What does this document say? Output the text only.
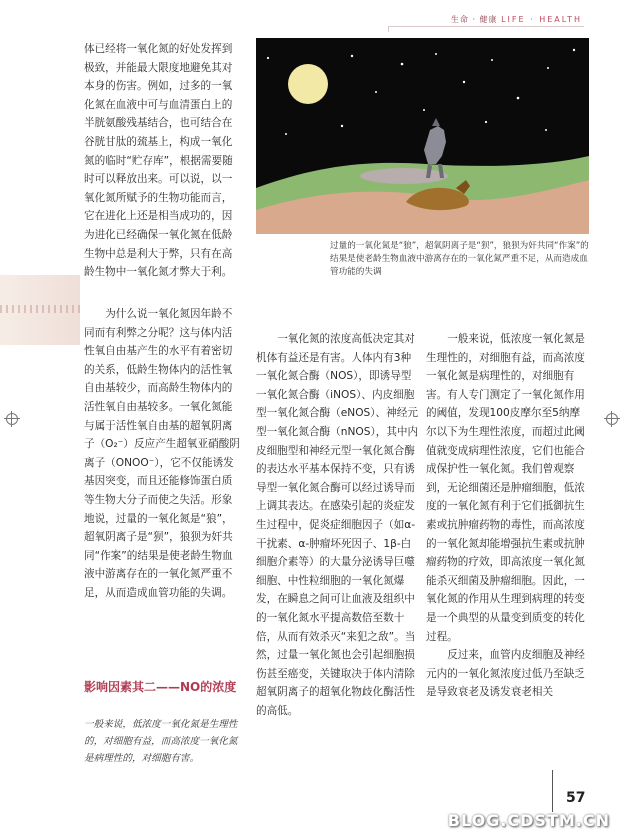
生命 · 健康 LIFE · HEALTH

体已经将一氧化氮的好处发挥到极致，并能最大限度地避免其对本身的伤害。例如，过多的一氧化氮在血液中可与血清蛋白上的半胱氨酸残基结合，也可结合在谷胱甘肽的巯基上，构成一氧化氮的临时“贮存库”，根据需要随时可以释放出来。可以说，以一氧化氮所赋予的生物功能而言，它在进化上还是相当成功的，因为进化已经确保一氧化氮在低龄生物中总是利大于弊，只有在高龄生物中一氧化氮才弊大于利。

为什么说一氧化氮因年龄不同而有利弊之分呢？这与体内活性氧自由基产生的水平有着密切的关系，低龄生物体内的活性氧自由基较少，而高龄生物体内的活性氧自由基较多。一氧化氮能与属于活性氧自由基的超氧阴离子（O₂⁻）反应产生超氧亚硝酸阴离子（ONOO⁻），它不仅能诱发基因突变，而且还能修饰蛋白质等生物大分子而使之失活。形象地说，过量的一氧化氮是“狼”，超氧阴离子是“狈”，狼狈为奸共同“作案”的结果是使老龄生物血液中游离存在的一氧化氮严重不足，从而造成血管功能的失调。

过量的一氧化氮是“狼”，超氧阴离子是“狈”，狼狈为奸共同“作案”的结果是使老龄生物血液中游离存在的一氧化氮严重不足，从而造成血管功能的失调

一氧化氮的浓度高低决定其对机体有益还是有害。人体内有3种一氧化氮合酶（NOS），即诱导型一氧化氮合酶（iNOS）、内皮细胞型一氧化氮合酶（eNOS）、神经元型一氧化氮合酶（nNOS），其中内皮细胞型和神经元型一氧化氮合酶的表达水平基本保持不变，只有诱导型一氧化氮合酶可以经过诱导而上调其表达。在感染引起的炎症发生过程中，促炎症细胞因子（如α-干扰素、α-肿瘤坏死因子、1β-白细胞介素等）的大量分泌诱导巨噬细胞、中性粒细胞的一氧化氮爆发，在瞬息之间可让血液及组织中的一氧化氮水平提高数倍至数十倍，从而有效杀灭“来犯之敌”。当然，过量一氧化氮也会引起细胞损伤甚至癌变，关键取决于体内清除超氧阴离子的超氧化物歧化酶活性的高低。

一般来说，低浓度一氧化氮是生理性的，对细胞有益，而高浓度一氧化氮是病理性的，对细胞有害。有人专门测定了一氧化氮作用的阈值，发现100皮摩尔至5纳摩尔以下为生理性浓度，而超过此阈值就变成病理性浓度，它们也能合成保护性一氧化氮。我们曾观察到，无论细菌还是肿瘤细胞，低浓度的一氧化氮有利于它们抵御抗生素或抗肿瘤药物的毒性，而高浓度的一氧化氮却能增强抗生素或抗肿瘤药物的疗效，即高浓度一氧化氮能杀灭细菌及肿瘤细胞。因此，一氧化氮的作用从生理到病理的转变是一个典型的从量变到质变的转化过程。

反过来，血管内皮细胞及神经元内的一氧化氮浓度过低乃至缺乏是导致衰老及诱发衰老相关

影响因素其二——NO的浓度
一般来说，低浓度一氧化氮是生理性的，对细胞有益，而高浓度一氧化氮是病理性的，对细胞有害。
57
BLOG.CDSTM.CN
